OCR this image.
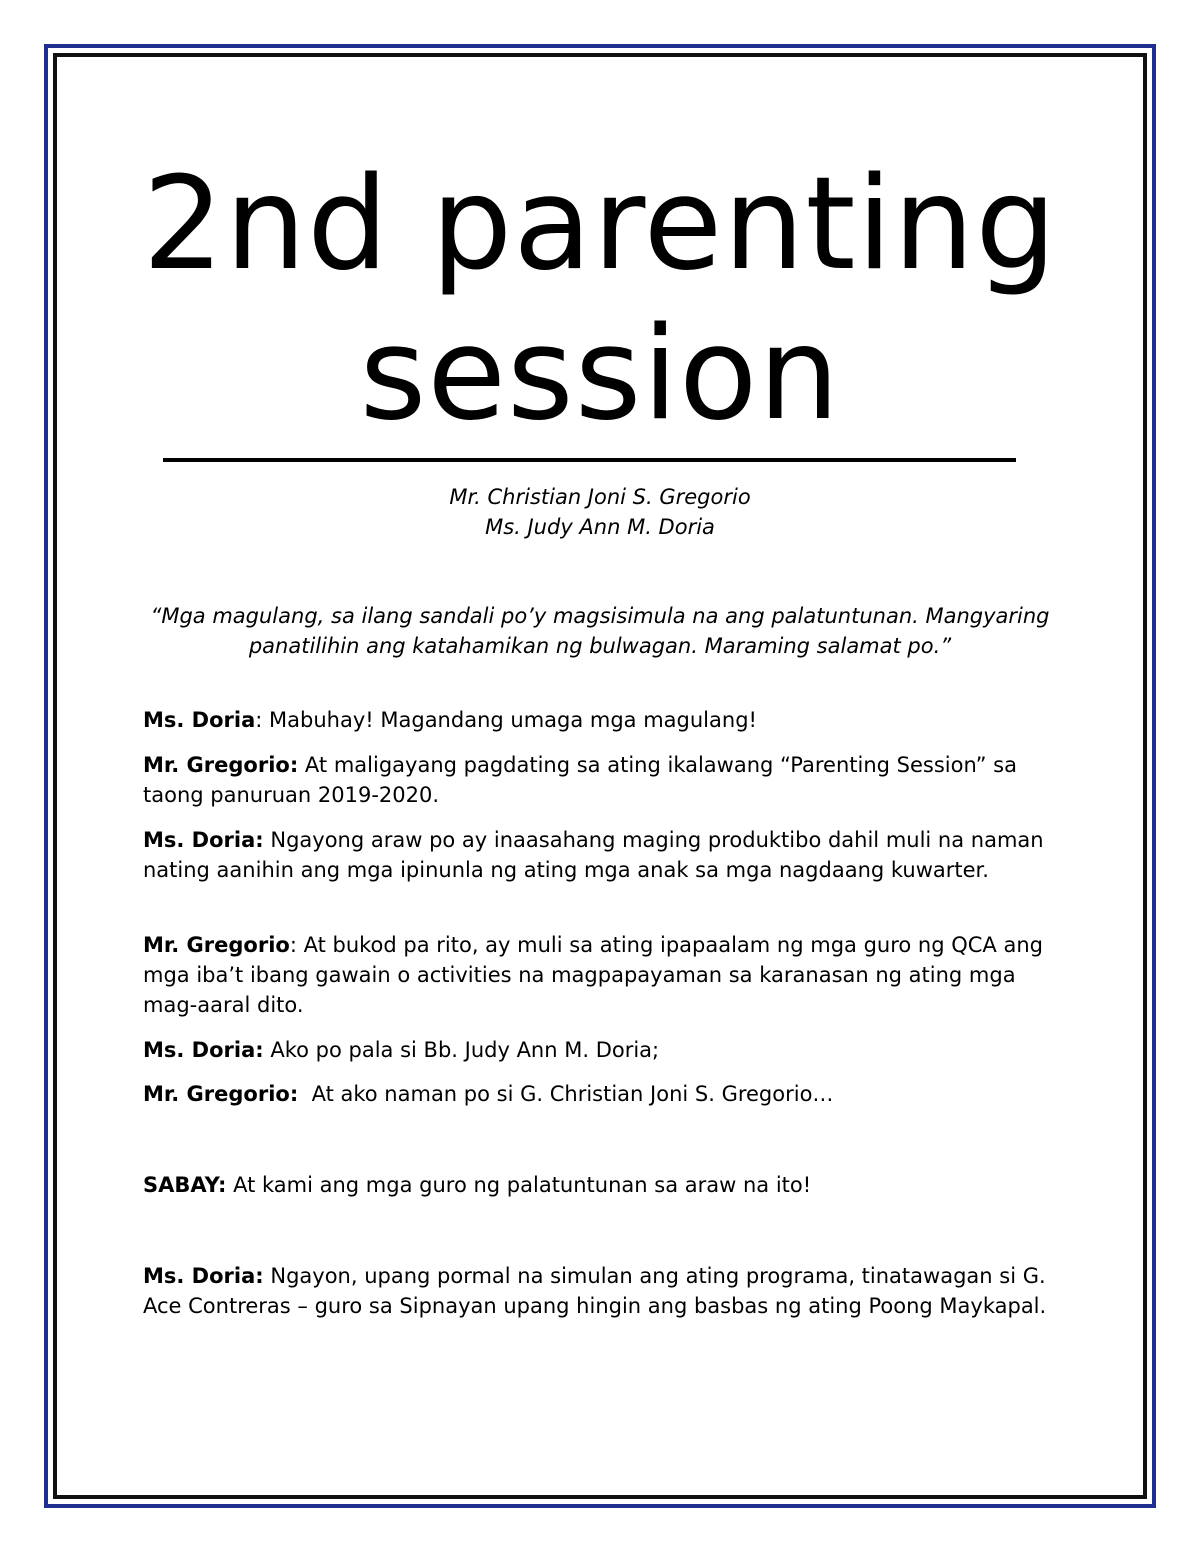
2nd parenting
session
Mr. Christian Joni S. Gregorio
Ms. Judy Ann M. Doria
“Mga magulang, sa ilang sandali po’y magsisimula na ang palatuntunan. Mangyaring panatilihin ang katahamikan ng bulwagan. Maraming salamat po.”

Ms. Doria: Mabuhay! Magandang umaga mga magulang!

Mr. Gregorio: At maligayang pagdating sa ating ikalawang “Parenting Session” sa taong panuruan 2019-2020.

Ms. Doria: Ngayong araw po ay inaasahang maging produktibo dahil muli na naman nating aanihin ang mga ipinunla ng ating mga anak sa mga nagdaang kuwarter.

Mr. Gregorio: At bukod pa rito, ay muli sa ating ipapaalam ng mga guro ng QCA ang mga iba’t ibang gawain o activities na magpapayaman sa karanasan ng ating mga mag-aaral dito.

Ms. Doria: Ako po pala si Bb. Judy Ann M. Doria;

Mr. Gregorio: At ako naman po si G. Christian Joni S. Gregorio…

SABAY: At kami ang mga guro ng palatuntunan sa araw na ito!

Ms. Doria: Ngayon, upang pormal na simulan ang ating programa, tinatawagan si G. Ace Contreras – guro sa Sipnayan upang hingin ang basbas ng ating Poong Maykapal.
